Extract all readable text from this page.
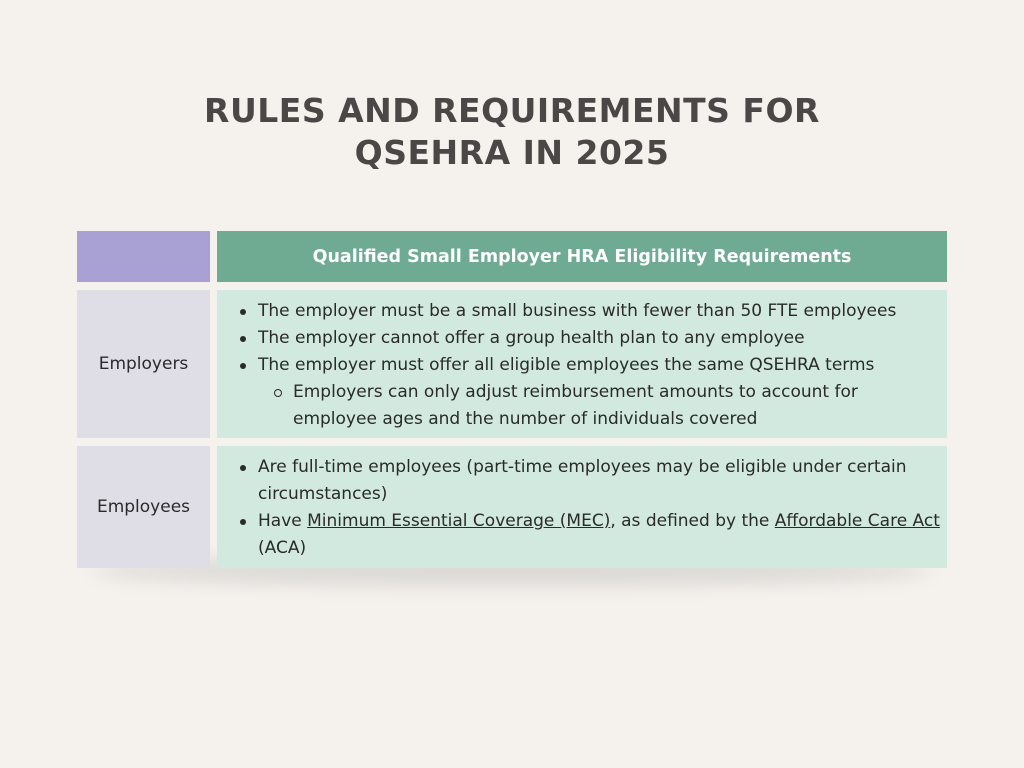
RULES AND REQUIREMENTS FOR
QSEHRA IN 2025
Qualified Small Employer HRA Eligibility Requirements
Employers
The employer must be a small business with fewer than 50 FTE employees
The employer cannot offer a group health plan to any employee
The employer must offer all eligible employees the same QSEHRA terms
Employers can only adjust reimbursement amounts to account for employee ages and the number of individuals covered
Employees
Are full-time employees (part-time employees may be eligible under certain circumstances)
Have Minimum Essential Coverage (MEC), as defined by the Affordable Care Act (ACA)
